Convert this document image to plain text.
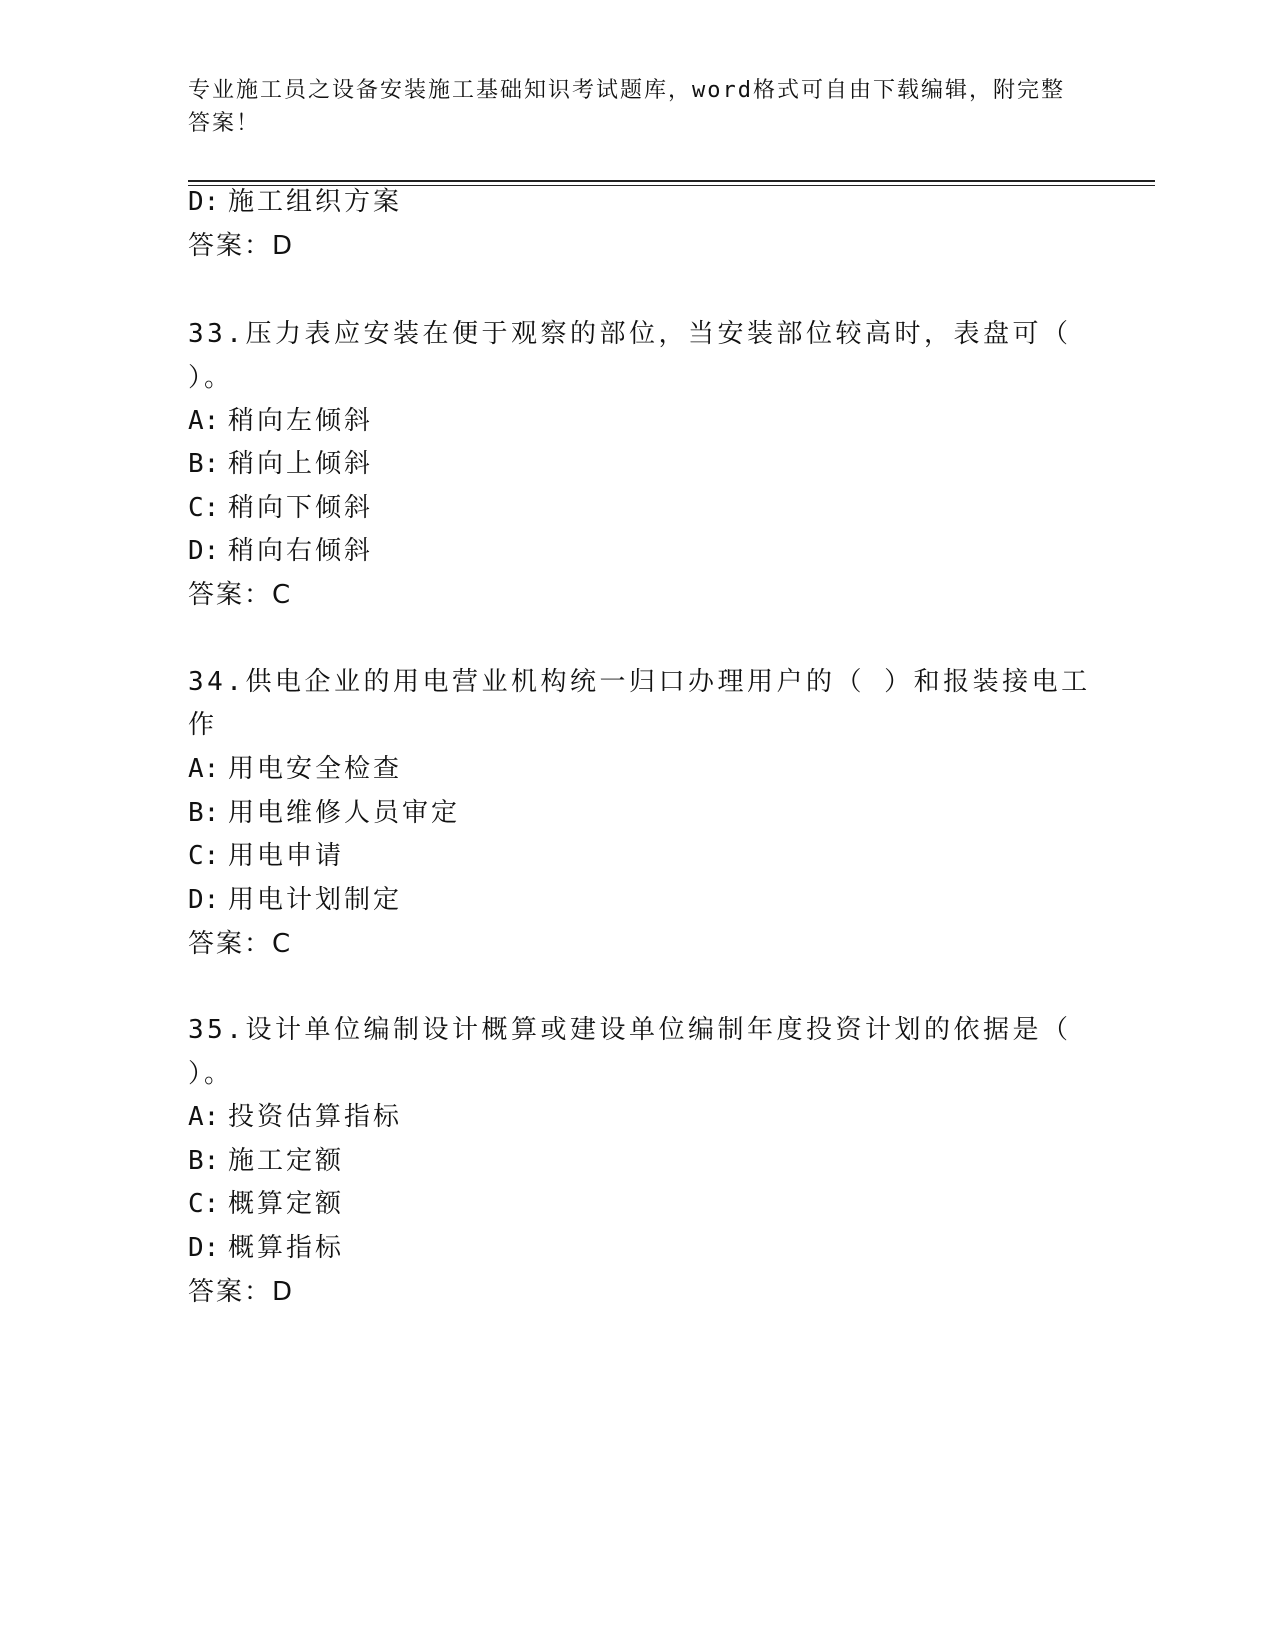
专业施工员之设备安装施工基础知识考试题库，word格式可自由下载编辑，附完整答案！
D: 施工组织方案
答案：D
33.压力表应安装在便于观察的部位，当安装部位较高时，表盘可（
）。
A: 稍向左倾斜
B: 稍向上倾斜
C: 稍向下倾斜
D: 稍向右倾斜
答案：C
34.供电企业的用电营业机构统一归口办理用户的（ ）和报装接电工
作
A: 用电安全检查
B: 用电维修人员审定
C: 用电申请
D: 用电计划制定
答案：C
35.设计单位编制设计概算或建设单位编制年度投资计划的依据是（
）。
A: 投资估算指标
B: 施工定额
C: 概算定额
D: 概算指标
答案：D
